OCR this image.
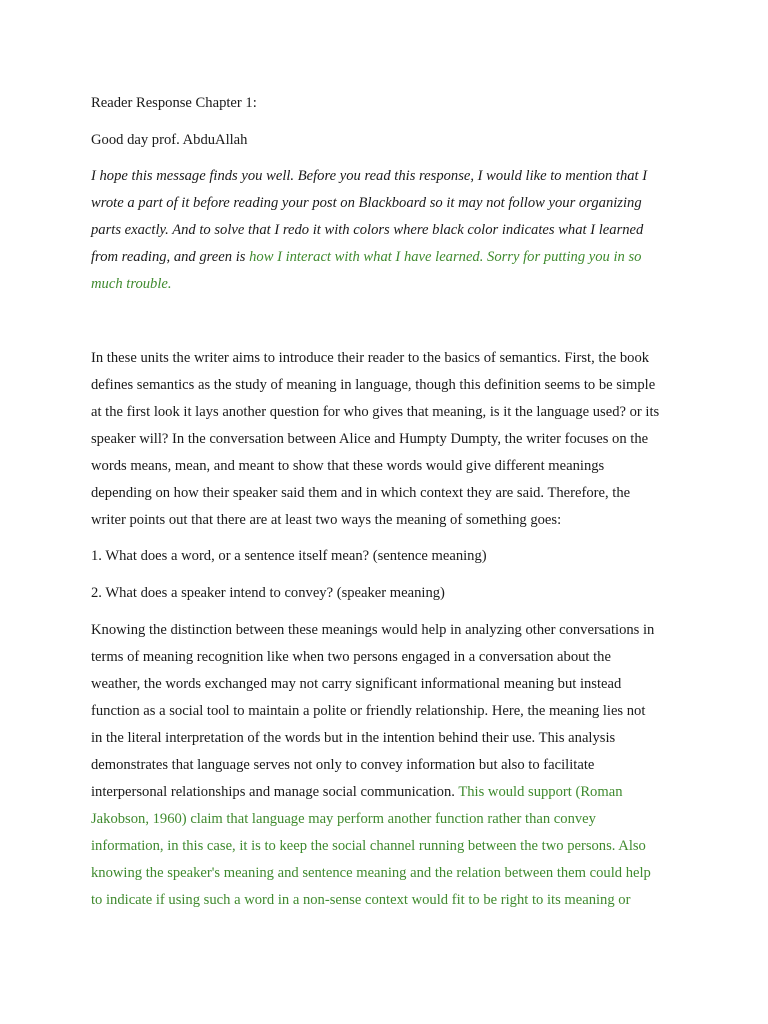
Reader Response Chapter 1:
Good day prof. AbduAllah
I hope this message finds you well. Before you read this response, I would like to mention that I
wrote a part of it before reading your post on Blackboard so it may not follow your organizing
parts exactly. And to solve that I redo it with colors where black color indicates what I learned
from reading, and green is how I interact with what I have learned. Sorry for putting you in so
much trouble.
In these units the writer aims to introduce their reader to the basics of semantics. First, the book
defines semantics as the study of meaning in language, though this definition seems to be simple
at the first look it lays another question for who gives that meaning, is it the language used? or its
speaker will? In the conversation between Alice and Humpty Dumpty, the writer focuses on the
words means, mean, and meant to show that these words would give different meanings
depending on how their speaker said them and in which context they are said. Therefore, the
writer points out that there are at least two ways the meaning of something goes:
1. What does a word, or a sentence itself mean? (sentence meaning)
2. What does a speaker intend to convey? (speaker meaning)
Knowing the distinction between these meanings would help in analyzing other conversations in
terms of meaning recognition like when two persons engaged in a conversation about the
weather, the words exchanged may not carry significant informational meaning but instead
function as a social tool to maintain a polite or friendly relationship. Here, the meaning lies not
in the literal interpretation of the words but in the intention behind their use. This analysis
demonstrates that language serves not only to convey information but also to facilitate
interpersonal relationships and manage social communication. This would support (Roman
Jakobson, 1960) claim that language may perform another function rather than convey
information, in this case, it is to keep the social channel running between the two persons. Also
knowing the speaker's meaning and sentence meaning and the relation between them could help
to indicate if using such a word in a non-sense context would fit to be right to its meaning or
